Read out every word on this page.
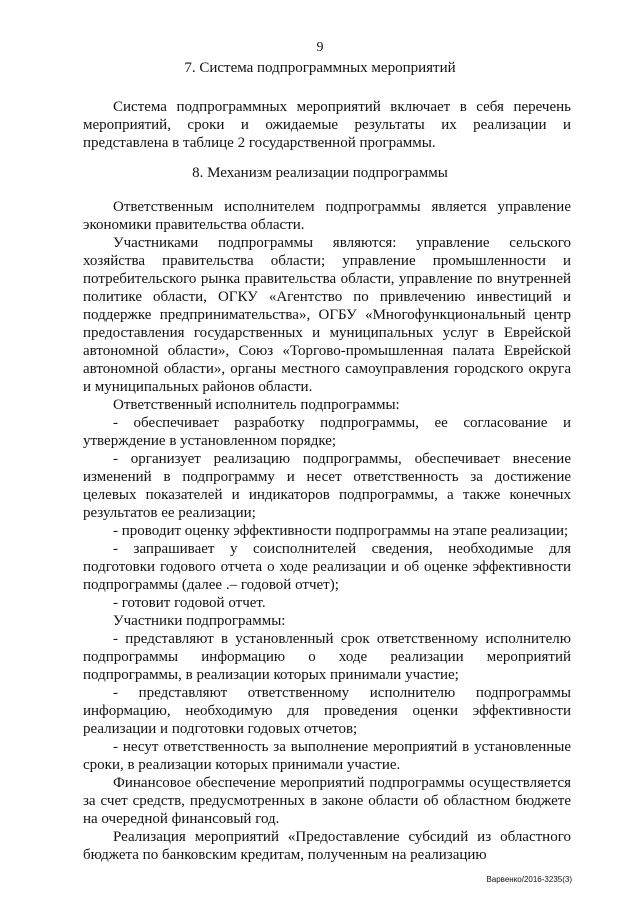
9
7. Система подпрограммных мероприятий

Система подпрограммных мероприятий включает в себя перечень мероприятий, сроки и ожидаемые результаты их реализации и представлена в таблице 2 государственной программы.

8. Механизм реализации подпрограммы

Ответственным исполнителем подпрограммы является управление экономики правительства области.

Участниками подпрограммы являются: управление сельского хозяйства правительства области; управление промышленности и потребительского рынка правительства области, управление по внутренней политике области, ОГКУ «Агентство по привлечению инвестиций и поддержке предпринимательства», ОГБУ «Многофункциональный центр предоставления государственных и муниципальных услуг в Еврейской автономной области», Союз «Торгово-промышленная палата Еврейской автономной области», органы местного самоуправления городского округа и муниципальных районов области.

Ответственный исполнитель подпрограммы:

- обеспечивает разработку подпрограммы, ее согласование и утверждение в установленном порядке;

- организует реализацию подпрограммы, обеспечивает внесение изменений в подпрограмму и несет ответственность за достижение целевых показателей и индикаторов подпрограммы, а также конечных результатов ее реализации;

- проводит оценку эффективности подпрограммы на этапе реализации;

- запрашивает у соисполнителей сведения, необходимые для подготовки годового отчета о ходе реализации и об оценке эффективности подпрограммы (далее .– годовой отчет);

- готовит годовой отчет.

Участники подпрограммы:

- представляют в установленный срок ответственному исполнителю подпрограммы информацию о ходе реализации мероприятий подпрограммы, в реализации которых принимали участие;

- представляют ответственному исполнителю подпрограммы информацию, необходимую для проведения оценки эффективности реализации и подготовки годовых отчетов;

- несут ответственность за выполнение мероприятий в установленные сроки, в реализации которых принимали участие.

Финансовое обеспечение мероприятий подпрограммы осуществляется за счет средств, предусмотренных в законе области об областном бюджете на очередной финансовый год.

Реализация мероприятий «Предоставление субсидий из областного бюджета по банковским кредитам, полученным на реализацию

Варвенко/2016-3235(3)
